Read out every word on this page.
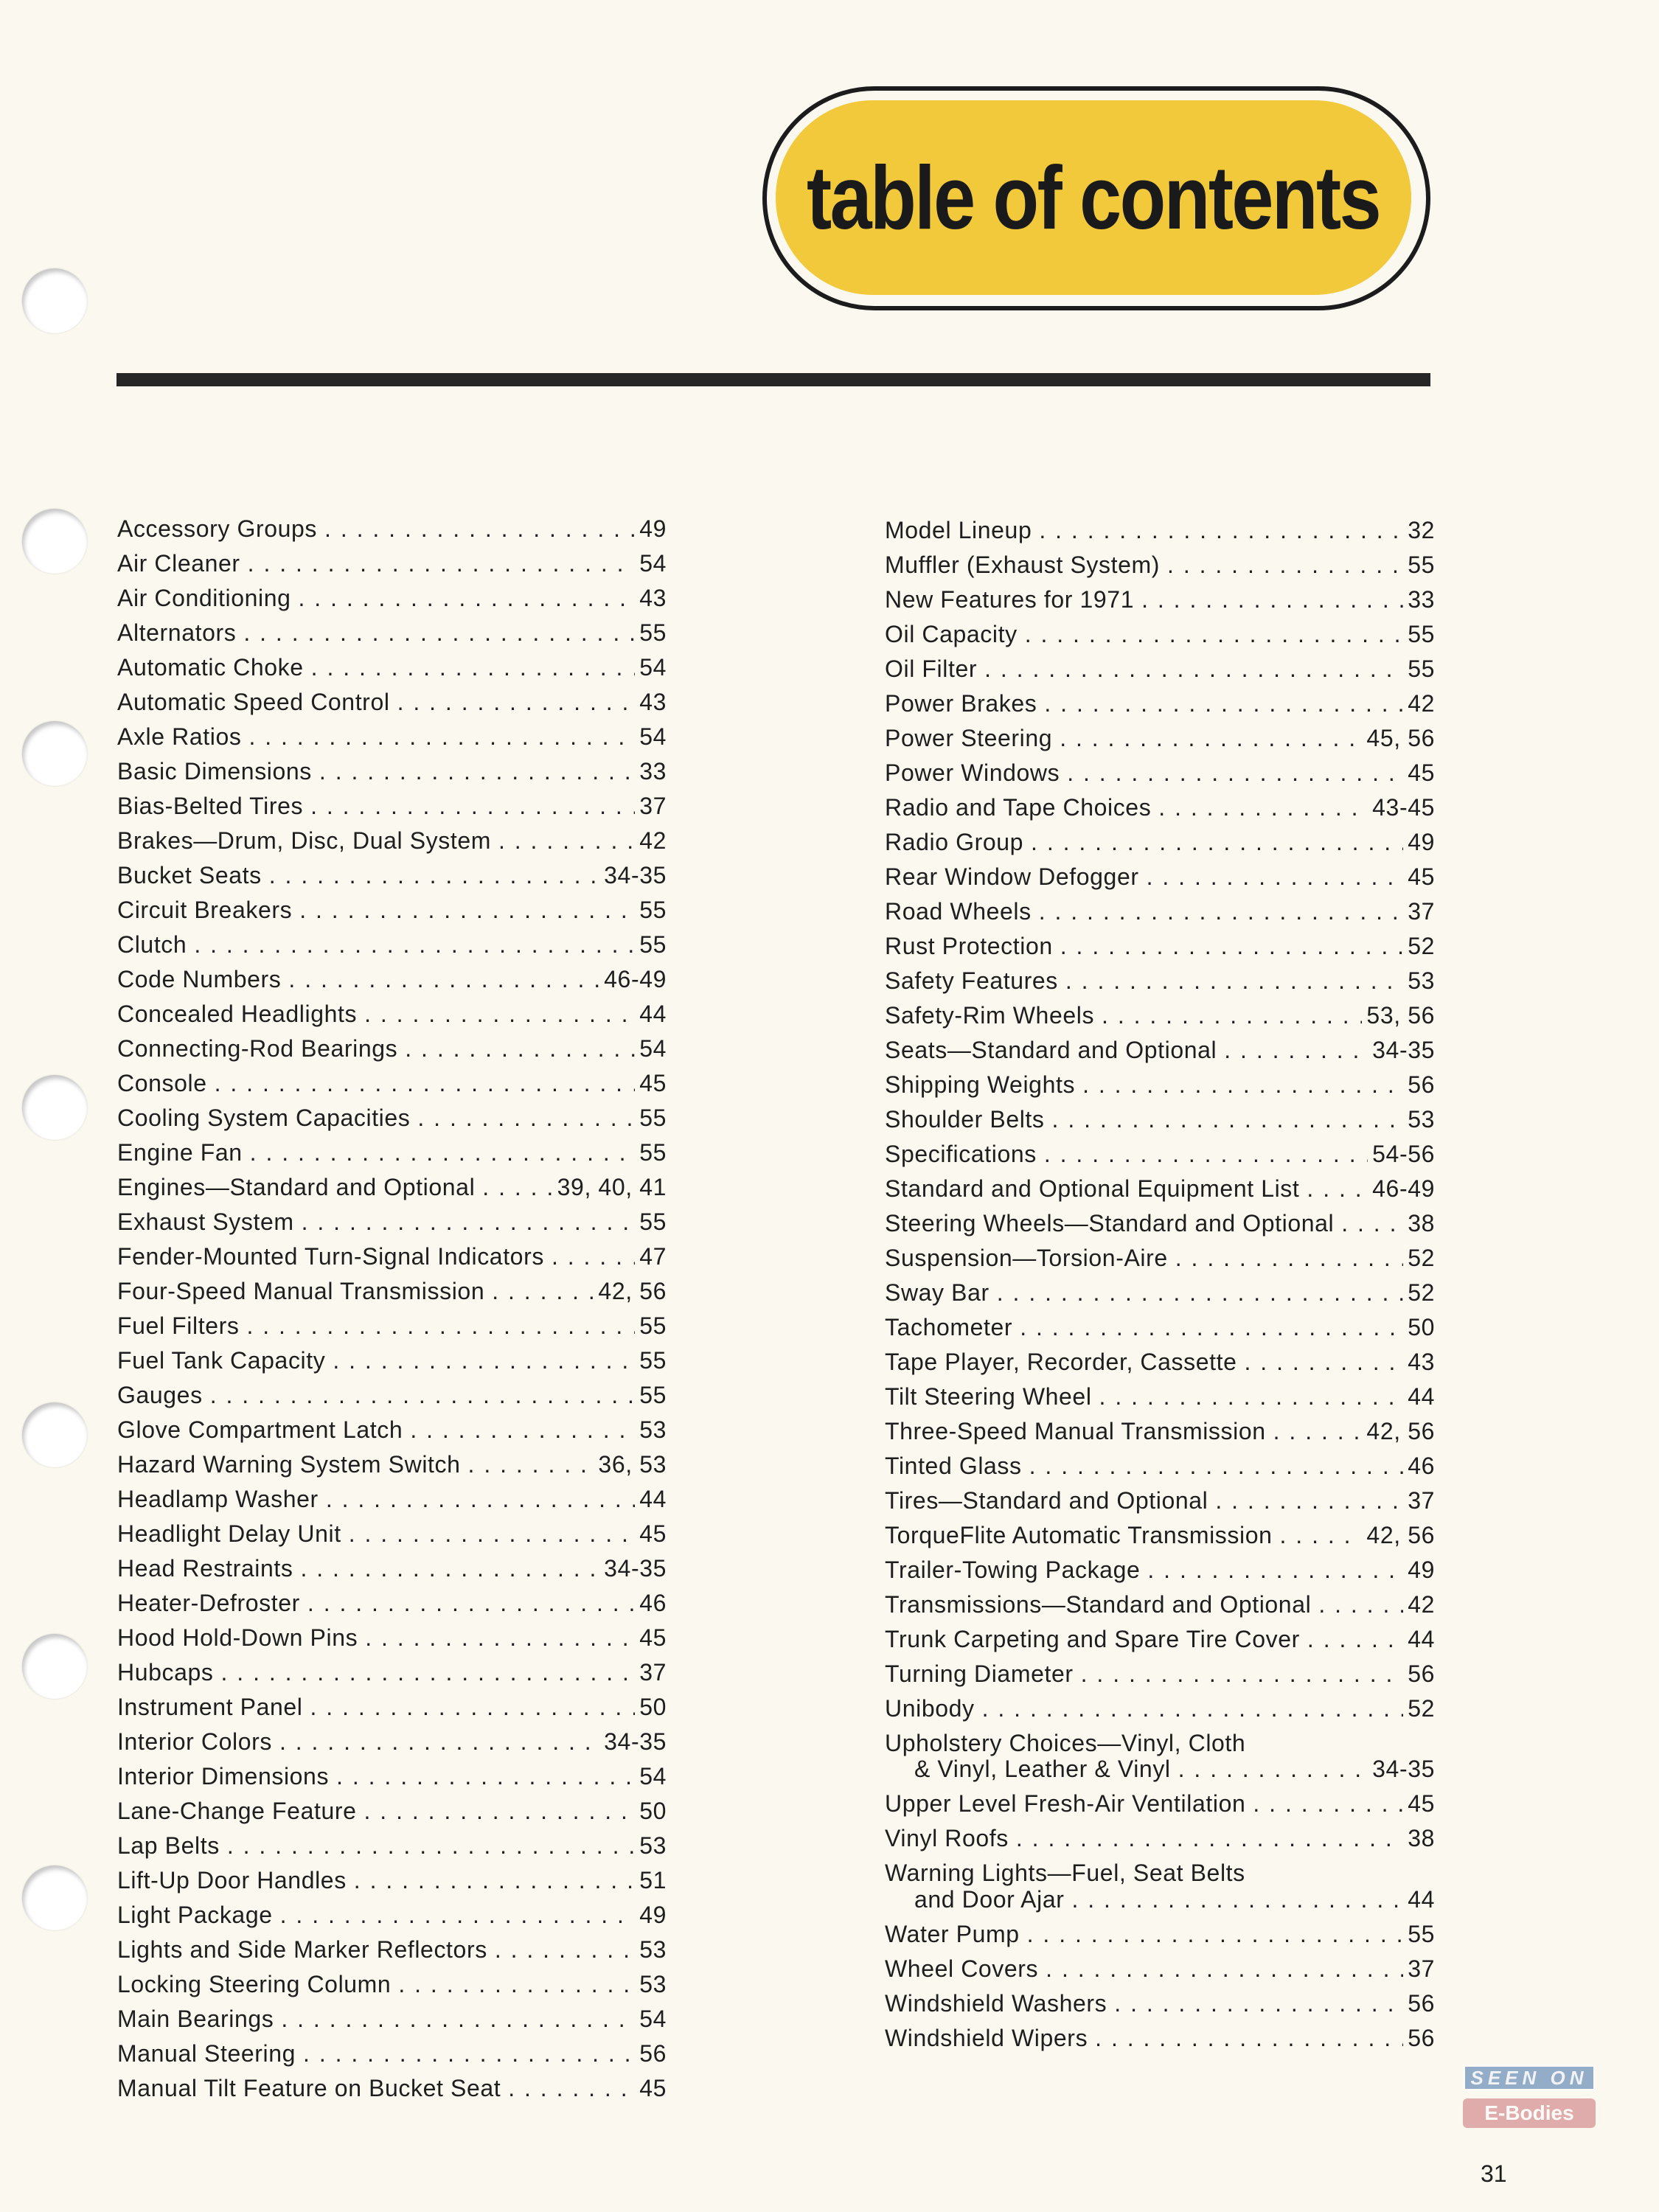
table of contents
Accessory Groups . . .	49
Air Cleaner . . .	54
Air Conditioning . . .	43
Alternators . . .	55
Automatic Choke . . .	54
Automatic Speed Control . . .	43
Axle Ratios . . .	54
Basic Dimensions . . .	33
Bias-Belted Tires . . .	37
Brakes—Drum, Disc, Dual System . . .	42
Bucket Seats . . .	34-35
Circuit Breakers . . .	55
Clutch . . .	55
Code Numbers . . .	46-49
Concealed Headlights . . .	44
Connecting-Rod Bearings . . .	54
Console . . .	45
Cooling System Capacities . . .	55
Engine Fan . . .	55
Engines—Standard and Optional . . .	39, 40, 41
Exhaust System . . .	55
Fender-Mounted Turn-Signal Indicators . . .	47
Four-Speed Manual Transmission . . .	42, 56
Fuel Filters . . .	55
Fuel Tank Capacity . . .	55
Gauges . . .	55
Glove Compartment Latch . . .	53
Hazard Warning System Switch . . .	36, 53
Headlamp Washer . . .	44
Headlight Delay Unit . . .	45
Head Restraints . . .	34-35
Heater-Defroster . . .	46
Hood Hold-Down Pins . . .	45
Hubcaps . . .	37
Instrument Panel . . .	50
Interior Colors . . .	34-35
Interior Dimensions . . .	54
Lane-Change Feature . . .	50
Lap Belts . . .	53
Lift-Up Door Handles . . .	51
Light Package . . .	49
Lights and Side Marker Reflectors . . .	53
Locking Steering Column . . .	53
Main Bearings . . .	54
Manual Steering . . .	56
Manual Tilt Feature on Bucket Seat . . .	45
Model Lineup . . .	32
Muffler (Exhaust System) . . .	55
New Features for 1971 . . .	33
Oil Capacity . . .	55
Oil Filter . . .	55
Power Brakes . . .	42
Power Steering . . .	45, 56
Power Windows . . .	45
Radio and Tape Choices . . .	43-45
Radio Group . . .	49
Rear Window Defogger . . .	45
Road Wheels . . .	37
Rust Protection . . .	52
Safety Features . . .	53
Safety-Rim Wheels . . .	53, 56
Seats—Standard and Optional . . .	34-35
Shipping Weights . . .	56
Shoulder Belts . . .	53
Specifications . . .	54-56
Standard and Optional Equipment List . . .	46-49
Steering Wheels—Standard and Optional . . .	38
Suspension—Torsion-Aire . . .	52
Sway Bar . . .	52
Tachometer . . .	50
Tape Player, Recorder, Cassette . . .	43
Tilt Steering Wheel . . .	44
Three-Speed Manual Transmission . . .	42, 56
Tinted Glass . . .	46
Tires—Standard and Optional . . .	37
TorqueFlite Automatic Transmission . . .	42, 56
Trailer-Towing Package . . .	49
Transmissions—Standard and Optional . . .	42
Trunk Carpeting and Spare Tire Cover . . .	44
Turning Diameter . . .	56
Unibody . . .	52
Upholstery Choices—Vinyl, Cloth
& Vinyl, Leather & Vinyl . . .	34-35
Upper Level Fresh-Air Ventilation . . .	45
Vinyl Roofs . . .	38
Warning Lights—Fuel, Seat Belts
and Door Ajar . . .	44
Water Pump . . .	55
Wheel Covers . . .	37
Windshield Washers . . .	56
Windshield Wipers . . .	56
31
SEEN ON
E-Bodies
